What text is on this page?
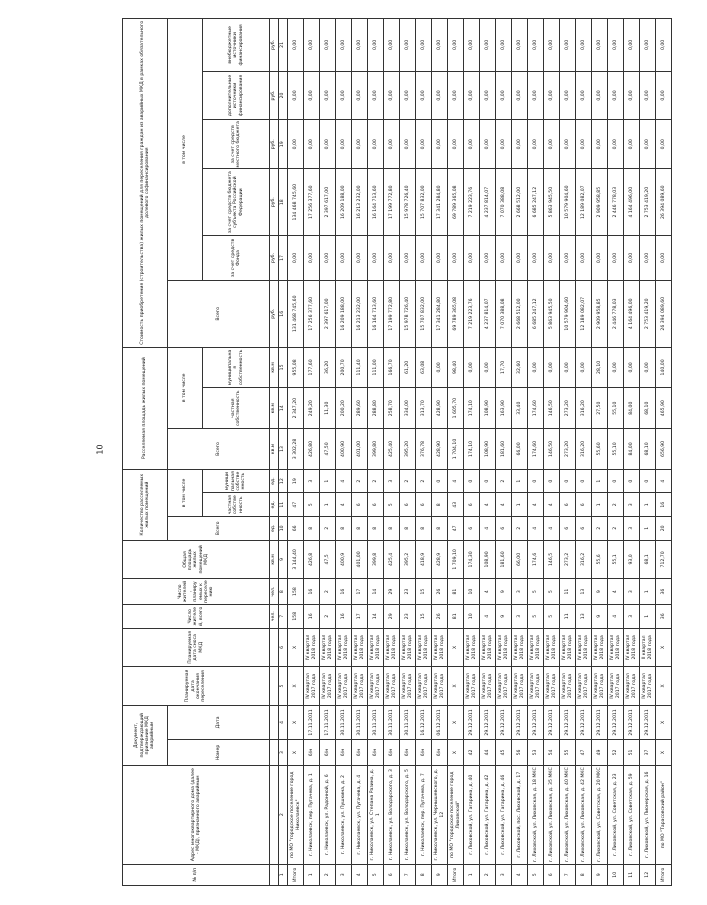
10
№ п/п	Адрес многоквартирного дома (далее - МКД), признанного аварийным	Документ, подтверждающий признание МКД аварийным		Планируемая дата окончания переселения	Планируемая дата сноса МКД	Число жителей, всего	Число жителей, планируемых к переселению	Общая площадь жилых помещений МКД	Количество расселяемых жилых помещений			Расселяемая площадь жилых помещений			Стоимость приобретения (строительства) жилых помещений для переселения граждан из аварийных МКД в рамках обязательного долевого софинансирования					
		Номер	Дата						Всего	в том числе		Всего	в том числе		Всего	в том числе				
										частная собственность	муниципальная собственность		частная собственность	муниципальная собственность		за счет средств Фонда	за счет средств бюджета субъекта Российской Федерации	за счет средств местного бюджета	дополнительные источники финансирования	внебюджетные источники финансирования
						чел.	чел.	кв.м	ед.	ед.	ед.	кв.м	кв.м	кв.м	руб.	руб.	руб.	руб.	руб.	руб.
1	2	3	4	5	6	7	8	9	10	11	12	13	14	15	16	17	18	19	20	21
Итого	по МО "городское поселение город Николаевск"	X	X	X	X	158	158	3 144,40	66	47	19	3 302,28	2 347,20	955,08	131 468 745,60	0,00	134 468 745,60	0,00	0,00	0,00
1	г. Николаевск, пер. Пугачева, д. 1	6/н	17.11.2011	IV квартал 2017 года	IV квартал 2018 года	16	16	426,8	8	5	3	426,80	249,20	177,60	17 256 377,60	0,00	17 256 377,60	0,00	0,00	0,00
2	г. Николаевск, ул. Радонной, д. 6	6/н	17.11.2011	IV квартал 2017 года	IV квартал 2018 года	2	2	47,5	2	1	1	47,50	11,30	36,20	2 397 617,00	0,00	2 397 617,00	0,00	0,00	0,00
3	г. Николаевск, ул. Пушкина, д. 2	6/н	30.11.2011	IV квартал 2017 года	IV квартал 2018 года	16	16	400,9	8	4	4	400,90	200,20	200,70	16 209 188,00	0,00	16 209 188,00	0,00	0,00	0,00
4	г. Николаевск, ул. Пугачева, д. 4	6/н	30.11.2011	IV квартал 2017 года	IV квартал 2018 года	17	17	401,00	8	6	2	401,00	289,60	111,40	16 213 232,00	0,00	16 213 232,00	0,00	0,00	0,00
5	г. Николаевск, ул. Степана Разина, д. 1	6/н	30.11.2011	IV квартал 2017 года	IV квартал 2018 года	14	14	399,8	8	6	2	399,80	288,80	111,00	16 164 713,60	0,00	16 164 713,60	0,00	0,00	0,00
6	г. Николаевск, ул. Володарского, д. 3	6/н	30.11.2011	IV квартал 2017 года	IV квартал 2018 года	29	29	425,4	8	5	3	425,40	258,70	166,70	17 199 772,80	0,00	17 199 772,80	0,00	0,00	0,00
7	г. Николаевск, ул. Володарского, д. 5	6/н	30.11.2011	IV квартал 2017 года	IV квартал 2018 года	23	23	395,2	8	6	2	395,20	334,00	61,20	15 978 726,40	0,00	15 978 726,40	0,00	0,00	0,00
8	г. Николаевск, пер. Пугачева, д. 7	6/н	16.12.2011	IV квартал 2017 года	IV квартал 2018 года	15	15	418,9	8	6	2	376,78	313,70	63,08	15 707 832,00	0,00	15 707 832,00	0,00	0,00	0,00
9	г. Николаевск, ул. Чернышевского, д. 12	6/н	06.12.2011	IV квартал 2017 года	IV квартал 2018 года	26	26	428,9	8	8	0	428,90	428,90	0,00	17 341 284,80	0,00	17 341 284,80	0,00	0,00	0,00
Итого	по МО "городское поселение город Лиховской"	X	X	X	X	81	81	1 709,10	47	43	4	1 704,10	1 605,70	98,40	69 789 365,08	0,00	69 789 365,08	0,00	0,00	0,00
1	г. Лиховской, ул. Гагарина, д. 40	42	29.12.2011	IV квартал 2017 года	IV квартал 2018 года	10	10	174,30	6	6	0	174,10	174,10	0,00	7 219 223,76	0,00	7 219 223,76	0,00	0,00	0,00
2	г. Лиховской, ул. Гагарина, д. 42	44	29.12.2011	IV квартал 2017 года	IV квартал 2018 года	4	4	108,90	4	4	0	108,90	108,90	0,00	4 237 814,07	0,00	4 237 814,07	0,00	0,00	0,00
3	г. Лиховской, ул. Гагарина, д. 46	45	29.12.2011	IV квартал 2017 года	IV квартал 2018 года	9	9	181,60	6	4	2	181,60	163,90	17,70	7 070 388,08	0,00	7 070 388,08	0,00	0,00	0,00
4	г. Лиховской, пос. Лиховской, д. 17	56	29.12.2011	IV квартал 2017 года	IV квартал 2018 года	3	3	66,00	2	1	1	66,00	33,40	32,60	2 668 512,00	0,00	2 668 512,00	0,00	0,00	0,00
5	г. Лиховской, ул. Лиховская, д. 18 МКС	53	29.12.2011	IV квартал 2017 года	IV квартал 2018 года	5	5	174,6	4	4	0	174,60	174,60	0,00	6 685 247,12	0,00	6 685 247,12	0,00	0,00	0,00
6	г. Лиховской, ул. Лиховская, д. 35 МКС	54	29.12.2011	IV квартал 2017 года	IV квартал 2018 года	5	5	146,5	4	4	0	146,50	146,50	0,00	5 863 945,50	0,00	5 863 945,50	0,00	0,00	0,00
7	г. Лиховской, ул. Лиховская, д. 40 МКС	55	29.12.2011	IV квартал 2017 года	IV квартал 2018 года	11	11	273,2	6	6	0	273,20	273,20	0,00	10 579 904,60	0,00	10 579 904,60	0,00	0,00	0,00
8	г. Лиховской, ул. Лиховская, д. 42 МКС	47	29.12.2011	IV квартал 2017 года	IV квартал 2018 года	13	13	316,2	6	6	0	316,20	316,20	0,00	12 189 082,07	0,00	12 189 082,07	0,00	0,00	0,00
9	г. Лиховской, ул. Советская, д. 20 МКС	49	29.12.2011	IV квартал 2017 года	IV квартал 2018 года	9	9	55,6	2	1	1	55,60	27,50	28,10	2 909 958,85	0,00	2 909 958,85	0,00	0,00	0,00
10	г. Лиховской, ул. Советская, д. 23	52	29.12.2011	IV квартал 2017 года	IV квартал 2018 года	4	4	55,1	2	2	0	55,10	55,10	0,00	2 446 778,03	0,00	2 446 778,03	0,00	0,00	0,00
11	г. Лиховской, ул. Советская, д. 59	51	29.12.2011	IV квартал 2017 года	IV квартал 2018 года	3	3	93,0	3	3	0	84,00	84,00	0,00	4 164 496,00	0,00	4 164 496,00	0,00	0,00	0,00
12	г. Лиховской, ул. Пионерская, д. 16	37	29.12.2011	IV квартал 2017 года	II квартал 2018 года	1	1	68,1	1	1	0	68,10	68,10	0,00	2 753 419,20	0,00	2 753 419,20	0,00	0,00	0,00
Итого	по МО "Тарасовский район"	X	X	X	X	36	36	712,70	20	16	4	656,90	465,90	140,00	26 394 089,60	0,00	26 394 089,60	0,00	0,00	0,00
